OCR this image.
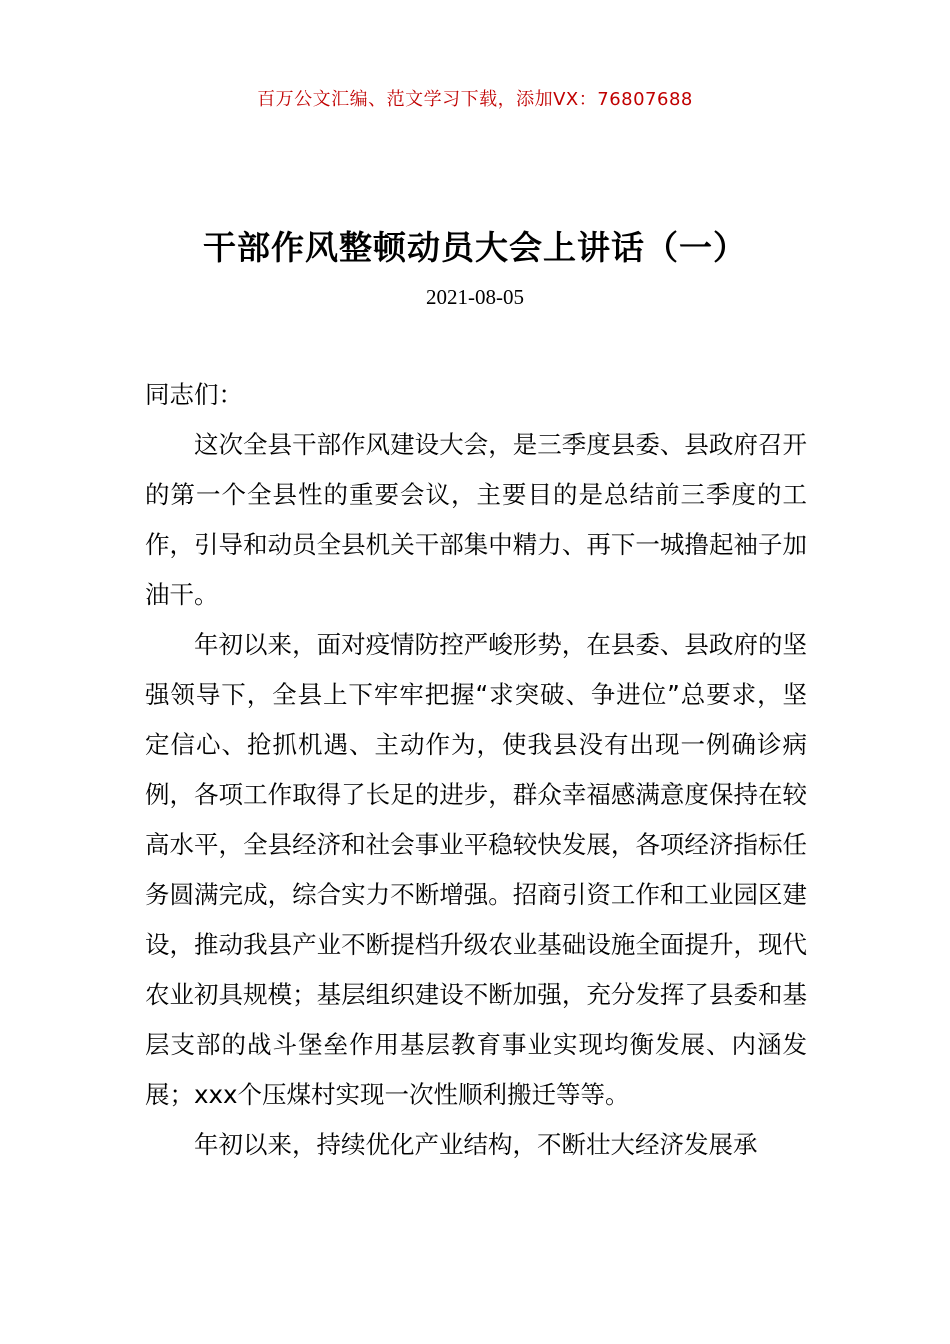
百万公文汇编、范文学习下载，添加VX：76807688
干部作风整顿动员大会上讲话（一）
2021-08-05

同志们：

这次全县干部作风建设大会，是三季度县委、县政府召开的第一个全县性的重要会议，主要目的是总结前三季度的工作，引导和动员全县机关干部集中精力、再下一城撸起袖子加油干。

年初以来，面对疫情防控严峻形势，在县委、县政府的坚强领导下，全县上下牢牢把握“求突破、争进位”总要求，坚定信心、抢抓机遇、主动作为，使我县没有出现一例确诊病例，各项工作取得了长足的进步，群众幸福感满意度保持在较高水平，全县经济和社会事业平稳较快发展，各项经济指标任务圆满完成，综合实力不断增强。招商引资工作和工业园区建设，推动我县产业不断提档升级农业基础设施全面提升，现代农业初具规模；基层组织建设不断加强，充分发挥了县委和基层支部的战斗堡垒作用基层教育事业实现均衡发展、内涵发展；xxx个压煤村实现一次性顺利搬迁等等。

年初以来，持续优化产业结构，不断壮大经济发展承
